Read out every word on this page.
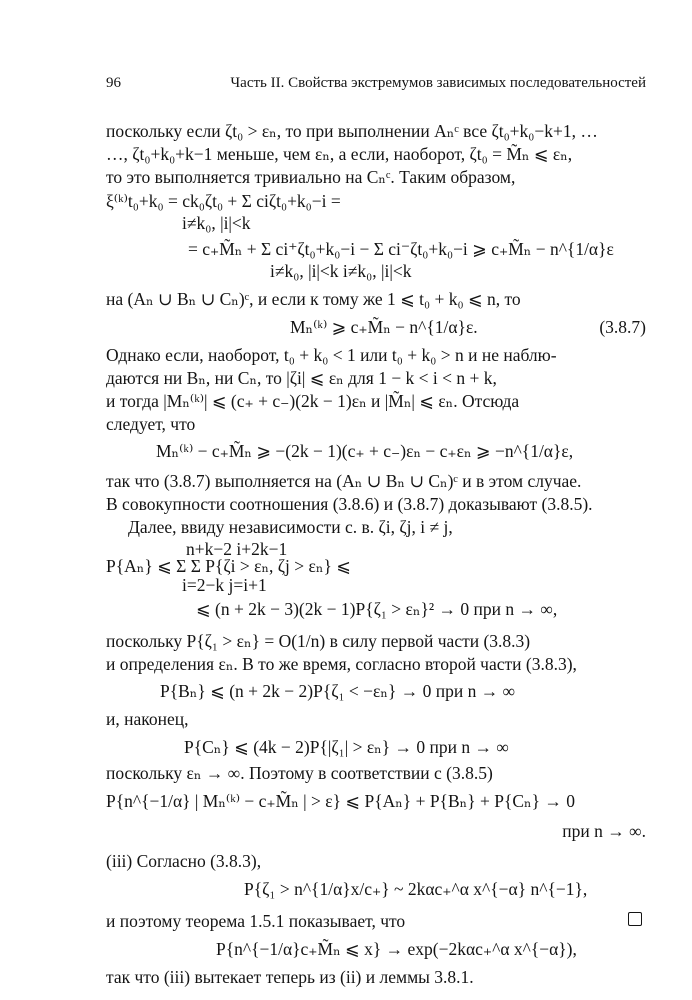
96	Часть II. Свойства экстремумов зависимых последовательностей
поскольку если ζt₀ > εₙ, то при выполнении Aₙᶜ все ζt₀+k₀−k+1, …
…, ζt₀+k₀+k−1 меньше, чем εₙ, а если, наоборот, ζt₀ = M̃ₙ ⩽ εₙ,
то это выполняется тривиально на Cₙᶜ. Таким образом,
ξ⁽ᵏ⁾t₀+k₀ = ck₀ζt₀ + Σ ciζt₀+k₀−i =
i≠k₀, |i|<k
= c₊M̃ₙ + Σ ci⁺ζt₀+k₀−i − Σ ci⁻ζt₀+k₀−i ⩾ c₊M̃ₙ − n^{1/α}ε
i≠k₀, |i|<k i≠k₀, |i|<k
на (Aₙ ∪ Bₙ ∪ Cₙ)ᶜ, и если к тому же 1 ⩽ t₀ + k₀ ⩽ n, то
Mₙ⁽ᵏ⁾ ⩾ c₊M̃ₙ − n^{1/α}ε.
Однако если, наоборот, t₀ + k₀ < 1 или t₀ + k₀ > n и не наблю-
даются ни Bₙ, ни Cₙ, то |ζi| ⩽ εₙ для 1 − k < i < n + k,
и тогда |Mₙ⁽ᵏ⁾| ⩽ (c₊ + c₋)(2k − 1)εₙ и |M̃ₙ| ⩽ εₙ. Отсюда
следует, что
Mₙ⁽ᵏ⁾ − c₊M̃ₙ ⩾ −(2k − 1)(c₊ + c₋)εₙ − c₊εₙ ⩾ −n^{1/α}ε,
так что (3.8.7) выполняется на (Aₙ ∪ Bₙ ∪ Cₙ)ᶜ и в этом случае.
В совокупности соотношения (3.8.6) и (3.8.7) доказывают (3.8.5).
Далее, ввиду независимости с. в. ζi, ζj, i ≠ j,
n+k−2 i+2k−1
P{Aₙ} ⩽ Σ Σ P{ζi > εₙ, ζj > εₙ} ⩽
i=2−k j=i+1
⩽ (n + 2k − 3)(2k − 1)P{ζ₁ > εₙ}² → 0 при n → ∞,
поскольку P{ζ₁ > εₙ} = O(1/n) в силу первой части (3.8.3)
и определения εₙ. В то же время, согласно второй части (3.8.3),
P{Bₙ} ⩽ (n + 2k − 2)P{ζ₁ < −εₙ} → 0 при n → ∞
и, наконец,
P{Cₙ} ⩽ (4k − 2)P{|ζ₁| > εₙ} → 0 при n → ∞
поскольку εₙ → ∞. Поэтому в соответствии с (3.8.5)
P{n^{−1/α} | Mₙ⁽ᵏ⁾ − c₊M̃ₙ | > ε} ⩽ P{Aₙ} + P{Bₙ} + P{Cₙ} → 0
(iii) Согласно (3.8.3),
P{ζ₁ > n^{1/α}x/c₊} ~ 2kαc₊^α x^{−α} n^{−1},
и поэтому теорема 1.5.1 показывает, что
P{n^{−1/α}c₊M̃ₙ ⩽ x} → exp(−2kαc₊^α x^{−α}),
так что (iii) вытекает теперь из (ii) и леммы 3.8.1.
при n → ∞.
(3.8.7)
